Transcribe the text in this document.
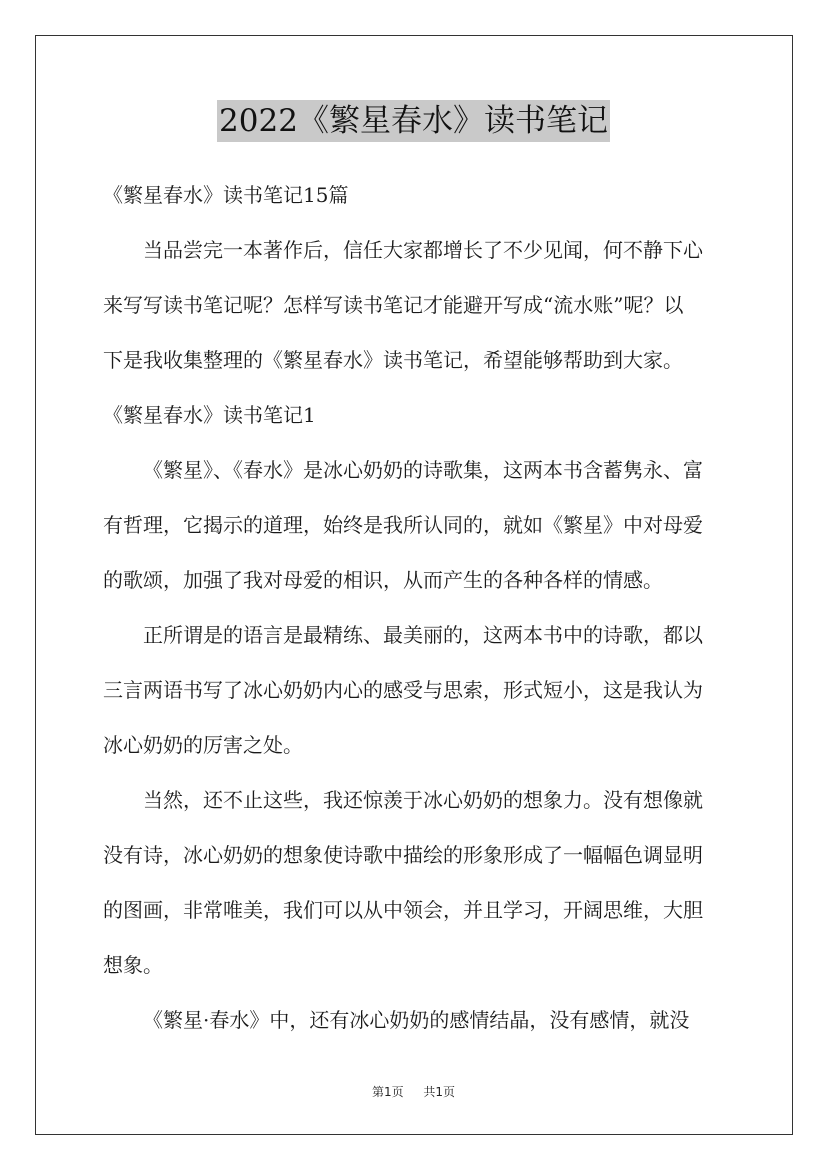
2022《繁星春水》读书笔记
《繁星春水》读书笔记15篇
当品尝完一本著作后，信任大家都增长了不少见闻，何不静下心
来写写读书笔记呢？怎样写读书笔记才能避开写成“流水账”呢？以
下是我收集整理的《繁星春水》读书笔记，希望能够帮助到大家。
《繁星春水》读书笔记1
《繁星》、《春水》是冰心奶奶的诗歌集，这两本书含蓄隽永、富
有哲理，它揭示的道理，始终是我所认同的，就如《繁星》中对母爱
的歌颂，加强了我对母爱的相识，从而产生的各种各样的情感。
正所谓是的语言是最精练、最美丽的，这两本书中的诗歌，都以
三言两语书写了冰心奶奶内心的感受与思索，形式短小，这是我认为
冰心奶奶的厉害之处。
当然，还不止这些，我还惊羡于冰心奶奶的想象力。没有想像就
没有诗，冰心奶奶的想象使诗歌中描绘的形象形成了一幅幅色调显明
的图画，非常唯美，我们可以从中领会，并且学习，开阔思维，大胆
想象。
《繁星·春水》中，还有冰心奶奶的感情结晶，没有感情，就没
第1页 共1页
